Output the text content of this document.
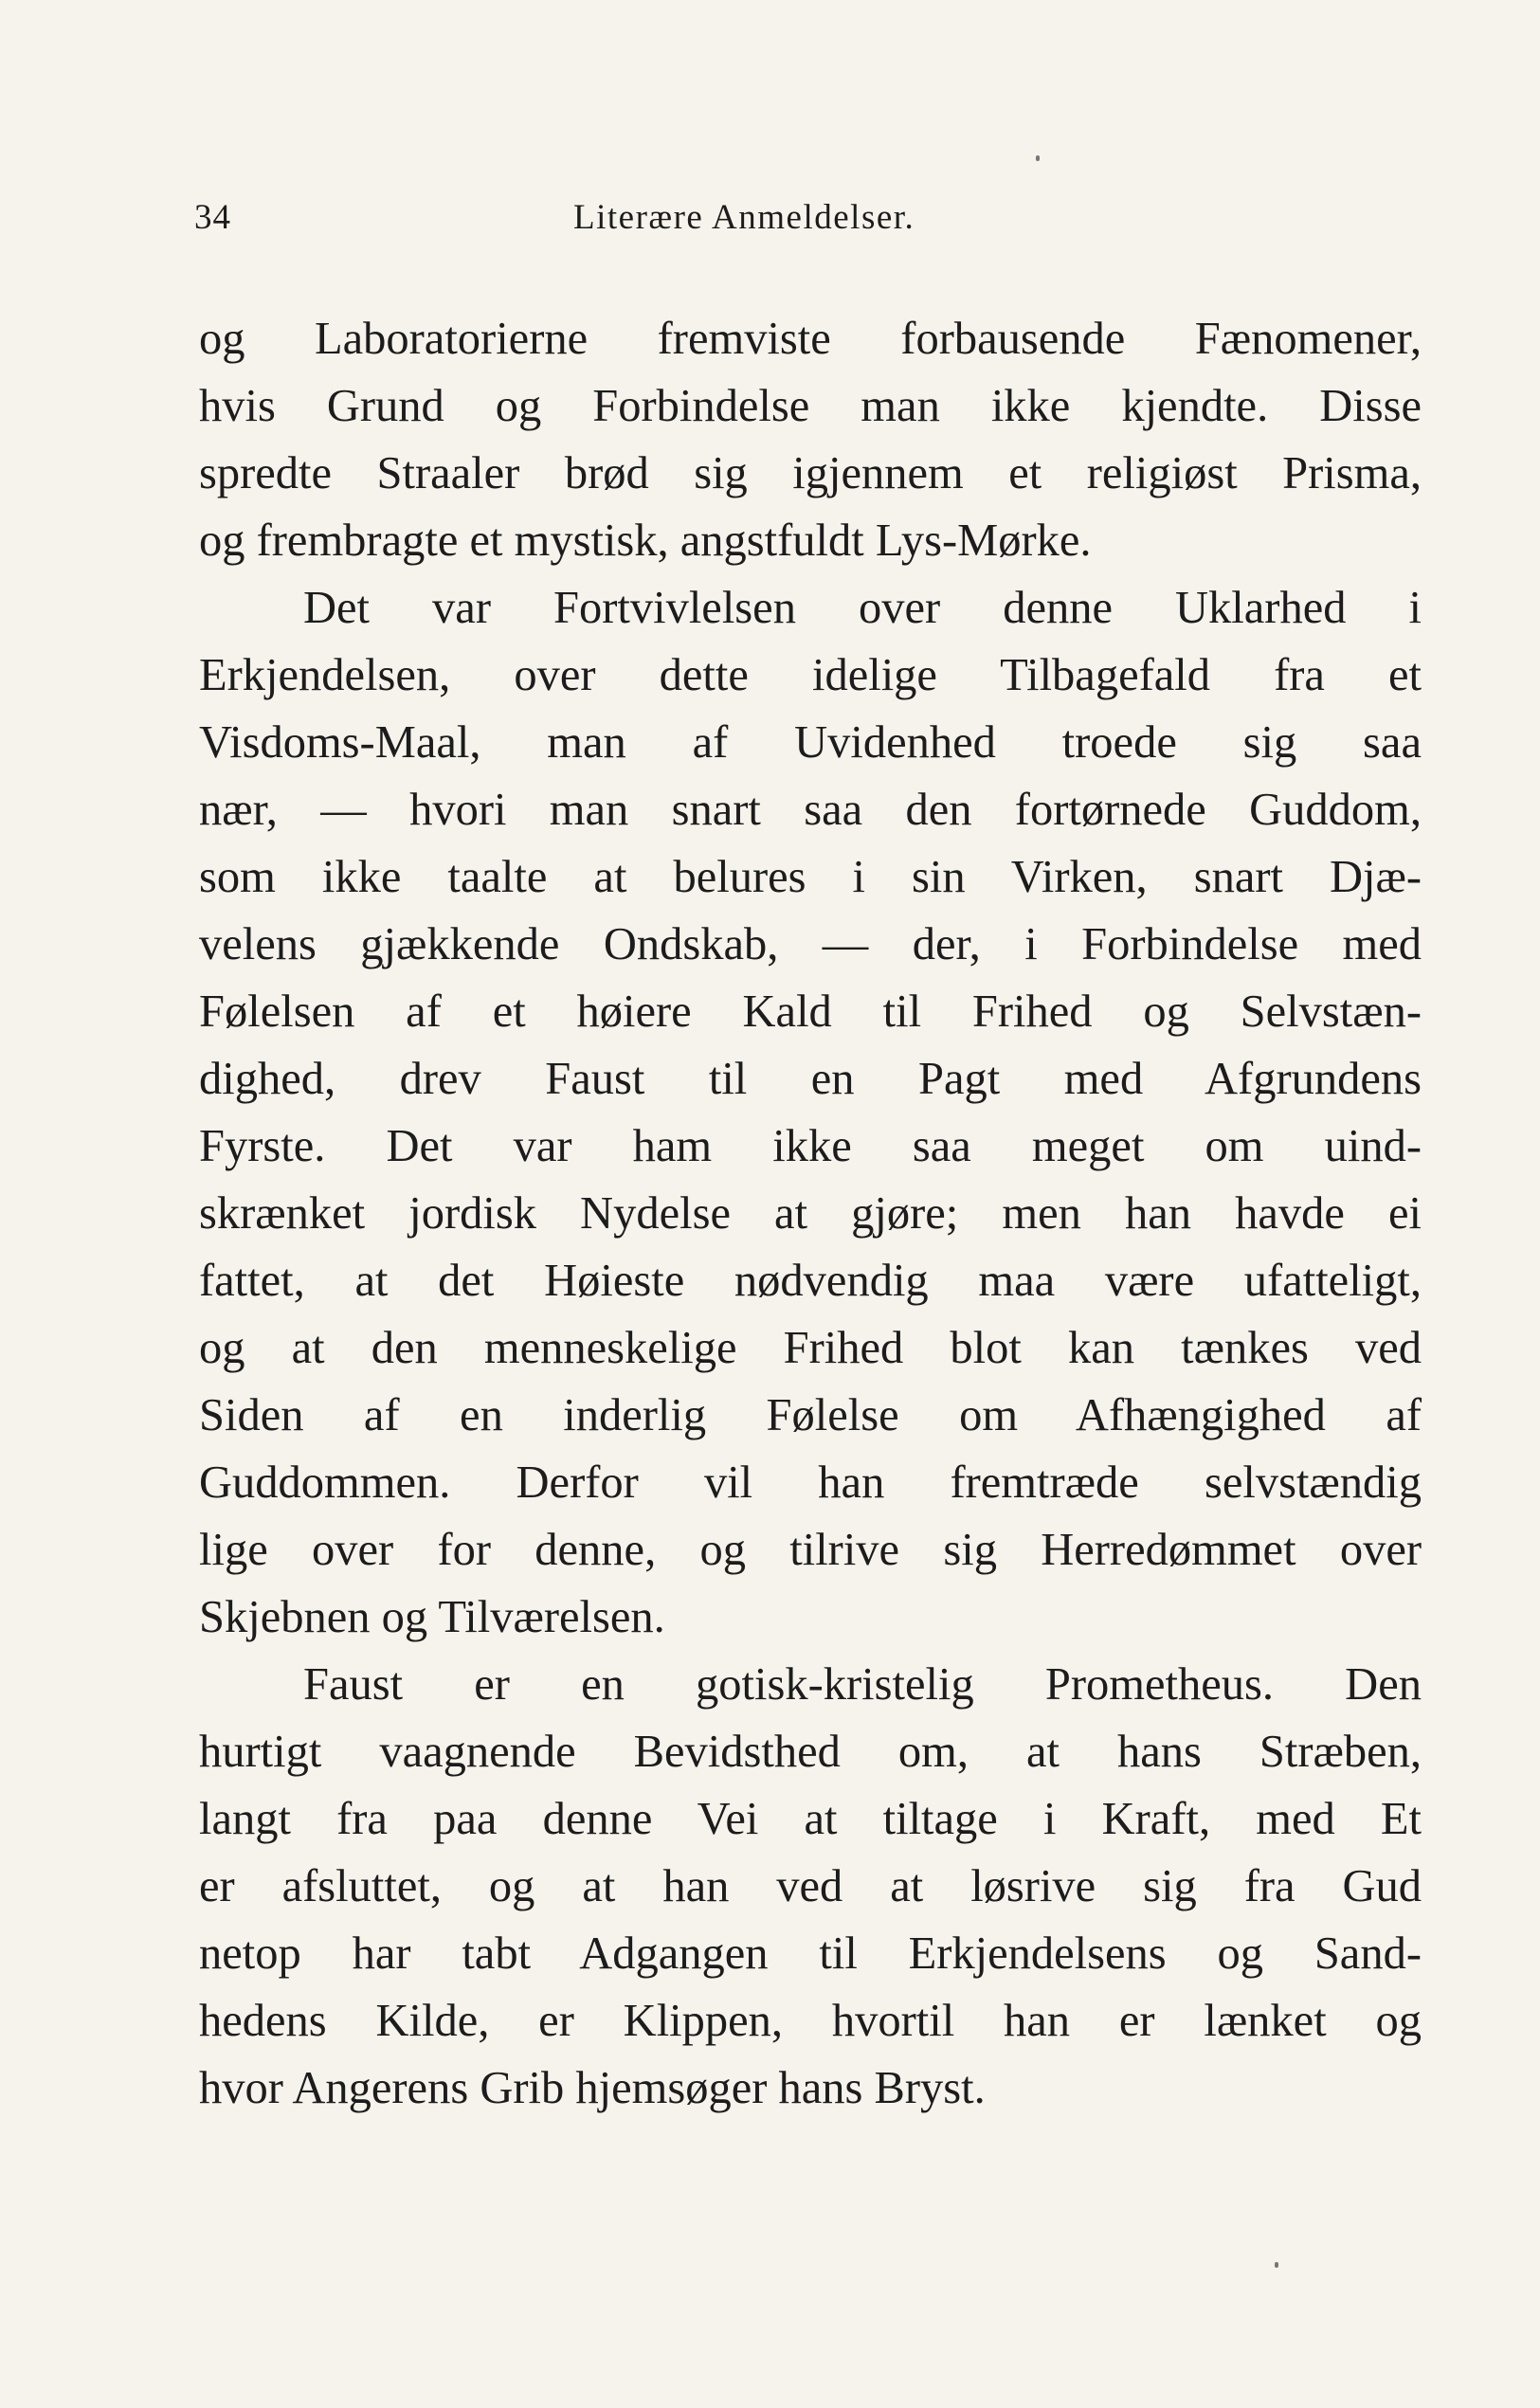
34	Literære Anmeldelser.
og Laboratorierne fremviste forbausende Fænomener,
hvis Grund og Forbindelse man ikke kjendte. Disse
spredte Straaler brød sig igjennem et religiøst Prisma,
og frembragte et mystisk, angstfuldt Lys-Mørke.
Det var Fortvivlelsen over denne Uklarhed i
Erkjendelsen, over dette idelige Tilbagefald fra et
Visdoms-Maal, man af Uvidenhed troede sig saa
nær, — hvori man snart saa den fortørnede Guddom,
som ikke taalte at belures i sin Virken, snart Djæ-
velens gjækkende Ondskab, — der, i Forbindelse med
Følelsen af et høiere Kald til Frihed og Selvstæn-
dighed, drev Faust til en Pagt med Afgrundens
Fyrste. Det var ham ikke saa meget om uind-
skrænket jordisk Nydelse at gjøre; men han havde ei
fattet, at det Høieste nødvendig maa være ufatteligt,
og at den menneskelige Frihed blot kan tænkes ved
Siden af en inderlig Følelse om Afhængighed af
Guddommen. Derfor vil han fremtræde selvstændig
lige over for denne, og tilrive sig Herredømmet over
Skjebnen og Tilværelsen.
Faust er en gotisk-kristelig Prometheus. Den
hurtigt vaagnende Bevidsthed om, at hans Stræben,
langt fra paa denne Vei at tiltage i Kraft, med Et
er afsluttet, og at han ved at løsrive sig fra Gud
netop har tabt Adgangen til Erkjendelsens og Sand-
hedens Kilde, er Klippen, hvortil han er lænket og
hvor Angerens Grib hjemsøger hans Bryst.
